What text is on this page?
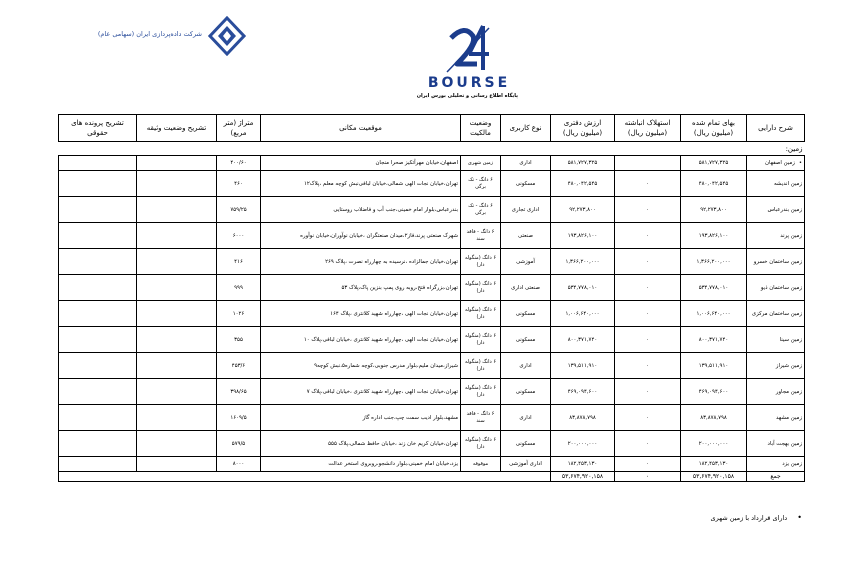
شرکت داده‌پردازی ایران (سهامی عام)
BOURSE
پایگاه اطلاع رسانی و تحلیلی بورس ایران
شرح دارایی	بهای تمام شده (میلیون ریال)	استهلاک انباشته (میلیون ریال)	ارزش دفتری (میلیون ریال)	نوع کاربری	وضعیت مالکیت	موقعیت مکانی	متراژ (متر مربع)	تشریح وضعیت وثیقه	تشریح پرونده های حقوقی
زمین:									
•زمین اصفهان	۵۸۱,۷۲۷,۳۲۵		۵۸۱,۷۲۷,۳۲۵	اداری	زمین شهری	اصفهان،خیابان مهرآتکیز صحرا منجان	۴۰۰/۶۰		
زمین اندیشه	۴۸۰,۰۴۲,۵۴۵	۰	۴۸۰,۰۴۲,۵۴۵	مسکونی	۶ دانگ - تک برگی	تهران،خیابان نجات الهی شمالی،خیابان لبافی‌نبش کوچه معلم ،پلاک۱۲	۴۶۰		
زمین بندرعباس	۹۲,۲۷۳,۸۰۰	۰	۹۲,۲۷۳,۸۰۰	اداری تجاری	۶ دانگ - تک برگی	بندرعباس،بلوار امام خمینی،جنب آب و فاضلاب روستایی	۷۵۹/۲۵		
زمین پرند	۱۹۳,۸۲۶,۱۰۰	۰	۱۹۳,۸۲۶,۱۰۰	صنعتی	۶ دانگ - فاقد سند	شهرک صنعتی پرند،فاز۲،میدان صنعتگران ،خیابان نوآوران،خیابان نوآوره	۶۰۰۰		
زمین ساختمان خسرو	۱,۳۶۶,۲۰۰,۰۰۰	۰	۱,۳۶۶,۲۰۰,۰۰۰	آموزشی	۶ دانگ (منگوله دار)	تهران،خیابان جمالزاده ،نرسیده به چهارراه نصرت ،پلاک ۲۶۹	۴۱۶		
زمین ساختمان ذیو	۵۳۴,۷۷۸,۰۱۰	۰	۵۳۴,۷۷۸,۰۱۰	صنعتی اداری	۶ دانگ (منگوله دار)	تهران،بزرگراه فتح،روبه روی پمپ بنزین پاک،پلاک ۵۳	۹۹۹		
زمین ساختمان مرکزی	۱,۰۰۶,۶۴۰,۰۰۰	۰	۱,۰۰۶,۶۴۰,۰۰۰	مسکونی	۶ دانگ (منگوله دار)	تهران،خیابان نجات الهی ،چهارراه شهید کلانتری ،پلاک ۱۶۴	۱۰۲۶		
زمین سینا	۸۰۰,۳۷۱,۷۴۰	۰	۸۰۰,۳۷۱,۷۴۰	مسکونی	۶ دانگ (منگوله دار)	تهران،خیابان نجات الهی ،چهارراه شهید کلانتری ،خیابان لبافی،پلاک ۱۰	۳۵۵		
زمین شیراز	۱۳۹,۵۱۱,۹۱۰	۰	۱۳۹,۵۱۱,۹۱۰	اداری	۶ دانگ (منگوله دار)	شیراز،میدان ملیم،بلوار مدرس جنوبی،کوچه شماره۵،نبش کوچه۹	۴۵۳/۶		
زمین مجاور	۴۶۹,۰۹۴,۶۰۰	۰	۴۶۹,۰۹۴,۶۰۰	مسکونی	۶ دانگ (منگوله دار)	تهران،خیابان نجات الهی ،چهارراه شهید کلانتری ،خیابان لبافی،پلاک ۷	۳۹۸/۶۵		
زمین مشهد	۸۳,۸۷۸,۷۹۸	۰	۸۳,۸۷۸,۷۹۸	اداری	۶ دانگ - فاقد سند	مشهد،بلوار ادیب سمت چپ،جنب اداره گاز	۱۶۰۹/۵		
زمین بهجت آباد	۲۰۰,۰۰۰,۰۰۰	۰	۲۰۰,۰۰۰,۰۰۰	مسکونی	۶ دانگ (منگوله دار)	تهران،خیابان کریم خان زند ،خیابان حافظ شمالی،پلاک ۵۵۵	۵۷۹/۵		
زمین یزد	۱۸۲,۴۵۳,۱۳۰	۰	۱۸۲,۴۵۳,۱۳۰	اداری آموزشی	موقوفه	یزد،خیابان امام خمینی،بلوار دانشجو،روبروی استخر عدالت	۸۰۰۰		
جمع	۵۳,۶۷۴,۹۲۰,۱۵۸	۰	۵۳,۶۷۴,۹۲۰,۱۵۸						
• دارای قرارداد با زمین شهری
